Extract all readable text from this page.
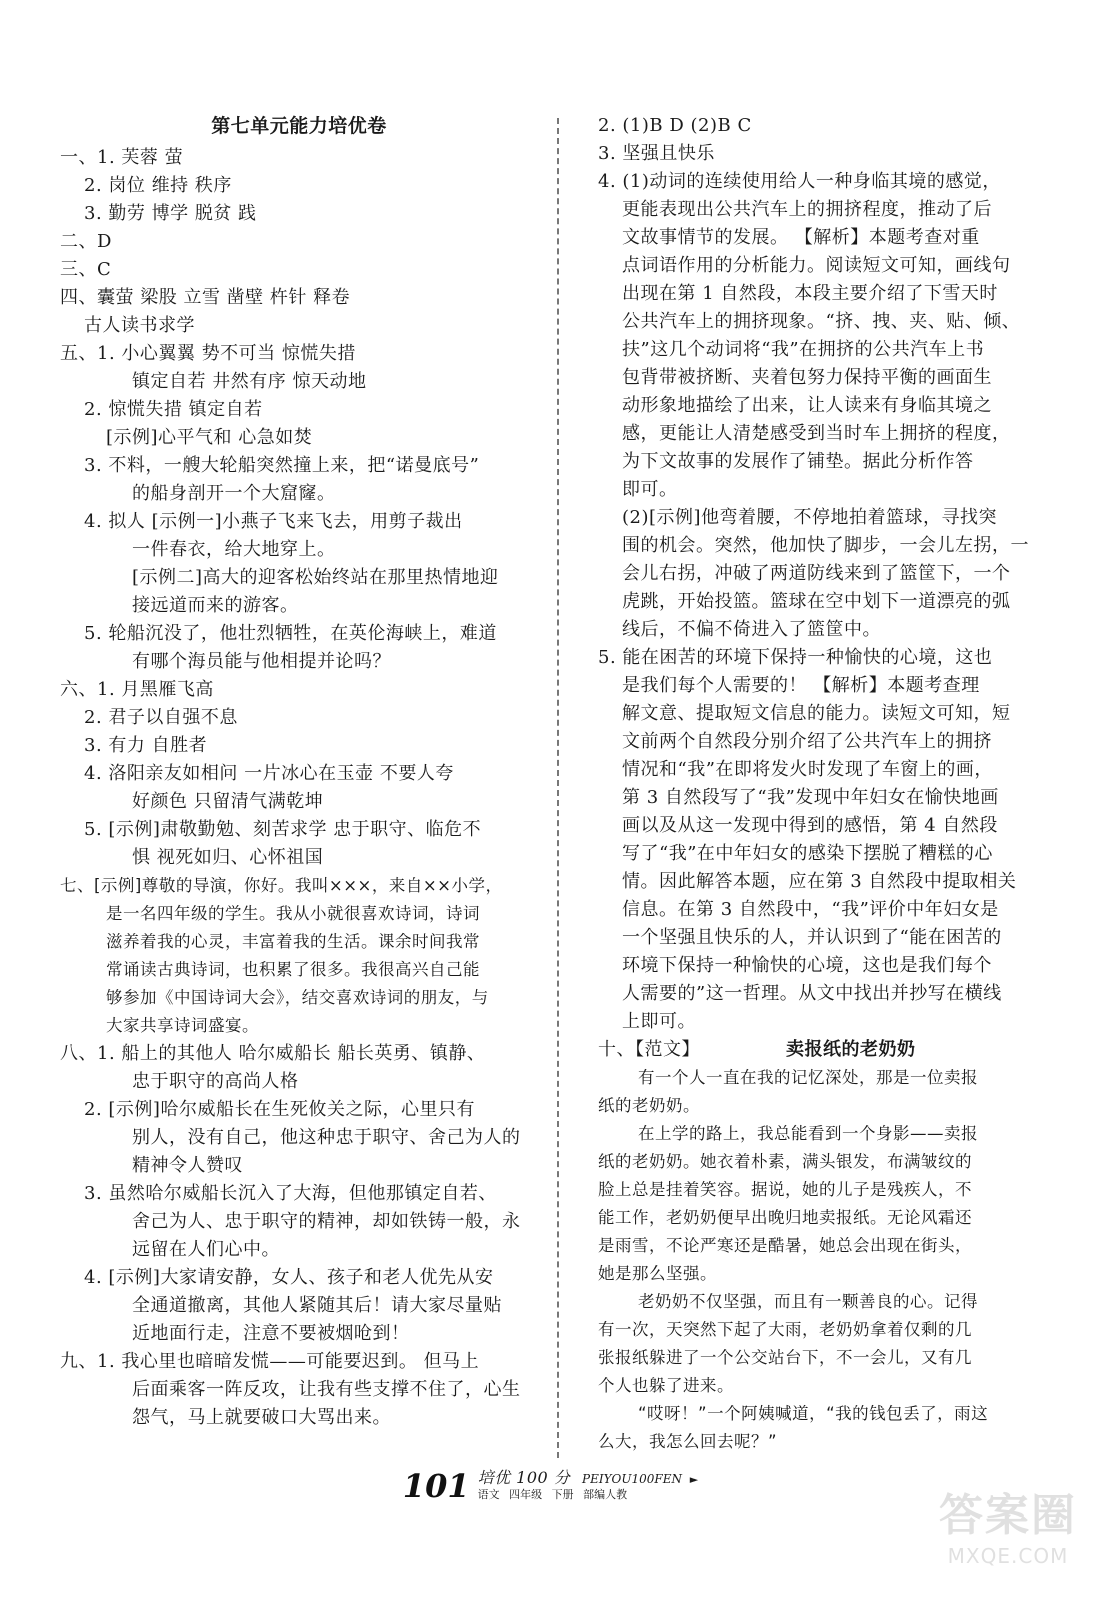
第七单元能力培优卷
一、1. 芙蓉 萤
2. 岗位 维持 秩序
3. 勤劳 博学 脱贫 践
二、D
三、C
四、囊萤 梁股 立雪 凿壁 杵针 释卷
古人读书求学
五、1. 小心翼翼 势不可当 惊慌失措
镇定自若 井然有序 惊天动地
2. 惊慌失措 镇定自若
[示例]心平气和 心急如焚
3. 不料，一艘大轮船突然撞上来，把“诺曼底号”
的船身剖开一个大窟窿。
4. 拟人 [示例一]小燕子飞来飞去，用剪子裁出
一件春衣，给大地穿上。
[示例二]高大的迎客松始终站在那里热情地迎
接远道而来的游客。
5. 轮船沉没了，他壮烈牺牲，在英伦海峡上，难道
有哪个海员能与他相提并论吗？
六、1. 月黑雁飞高
2. 君子以自强不息
3. 有力 自胜者
4. 洛阳亲友如相问 一片冰心在玉壶 不要人夸
好颜色 只留清气满乾坤
5. [示例]肃敬勤勉、刻苦求学 忠于职守、临危不
惧 视死如归、心怀祖国
七、[示例]尊敬的导演，你好。我叫×××，来自××小学，
是一名四年级的学生。我从小就很喜欢诗词，诗词
滋养着我的心灵，丰富着我的生活。课余时间我常
常诵读古典诗词，也积累了很多。我很高兴自己能
够参加《中国诗词大会》，结交喜欢诗词的朋友，与
大家共享诗词盛宴。
八、1. 船上的其他人 哈尔威船长 船长英勇、镇静、
忠于职守的高尚人格
2. [示例]哈尔威船长在生死攸关之际，心里只有
别人，没有自己，他这种忠于职守、舍己为人的
精神令人赞叹
3. 虽然哈尔威船长沉入了大海，但他那镇定自若、
舍己为人、忠于职守的精神，却如铁铸一般，永
远留在人们心中。
4. [示例]大家请安静，女人、孩子和老人优先从安
全通道撤离，其他人紧随其后！请大家尽量贴
近地面行走，注意不要被烟呛到！
九、1. 我心里也暗暗发慌——可能要迟到。 但马上
后面乘客一阵反攻，让我有些支撑不住了，心生
怨气，马上就要破口大骂出来。
2. (1)B D (2)B C
3. 坚强且快乐
4. (1)动词的连续使用给人一种身临其境的感觉，
更能表现出公共汽车上的拥挤程度，推动了后
文故事情节的发展。 【解析】本题考查对重
点词语作用的分析能力。阅读短文可知，画线句
出现在第 1 自然段，本段主要介绍了下雪天时
公共汽车上的拥挤现象。“挤、拽、夹、贴、倾、
扶”这几个动词将“我”在拥挤的公共汽车上书
包背带被挤断、夹着包努力保持平衡的画面生
动形象地描绘了出来，让人读来有身临其境之
感，更能让人清楚感受到当时车上拥挤的程度，
为下文故事的发展作了铺垫。据此分析作答
即可。
(2)[示例]他弯着腰，不停地拍着篮球，寻找突
围的机会。突然，他加快了脚步，一会儿左拐，一
会儿右拐，冲破了两道防线来到了篮筐下，一个
虎跳，开始投篮。篮球在空中划下一道漂亮的弧
线后，不偏不倚进入了篮筐中。
5. 能在困苦的环境下保持一种愉快的心境，这也
是我们每个人需要的！ 【解析】本题考查理
解文意、提取短文信息的能力。读短文可知，短
文前两个自然段分别介绍了公共汽车上的拥挤
情况和“我”在即将发火时发现了车窗上的画，
第 3 自然段写了“我”发现中年妇女在愉快地画
画以及从这一发现中得到的感悟，第 4 自然段
写了“我”在中年妇女的感染下摆脱了糟糕的心
情。因此解答本题，应在第 3 自然段中提取相关
信息。在第 3 自然段中，“我”评价中年妇女是
一个坚强且快乐的人，并认识到了“能在困苦的
环境下保持一种愉快的心境，这也是我们每个
人需要的”这一哲理。从文中找出并抄写在横线
上即可。
十、【范文】	卖报纸的老奶奶
有一个人一直在我的记忆深处，那是一位卖报
纸的老奶奶。
在上学的路上，我总能看到一个身影——卖报
纸的老奶奶。她衣着朴素，满头银发，布满皱纹的
脸上总是挂着笑容。据说，她的儿子是残疾人，不
能工作，老奶奶便早出晚归地卖报纸。无论风霜还
是雨雪，不论严寒还是酷暑，她总会出现在街头，
她是那么坚强。
老奶奶不仅坚强，而且有一颗善良的心。记得
有一次，天突然下起了大雨，老奶奶拿着仅剩的几
张报纸躲进了一个公交站台下，不一会儿，又有几
个人也躲了进来。
“哎呀！”一个阿姨喊道，“我的钱包丢了，雨这
么大，我怎么回去呢？”
101 培优 100 分 PEIYOU100FEN ►
语文 四年级 下册 部编人教	答案圈
MXQE.COM
